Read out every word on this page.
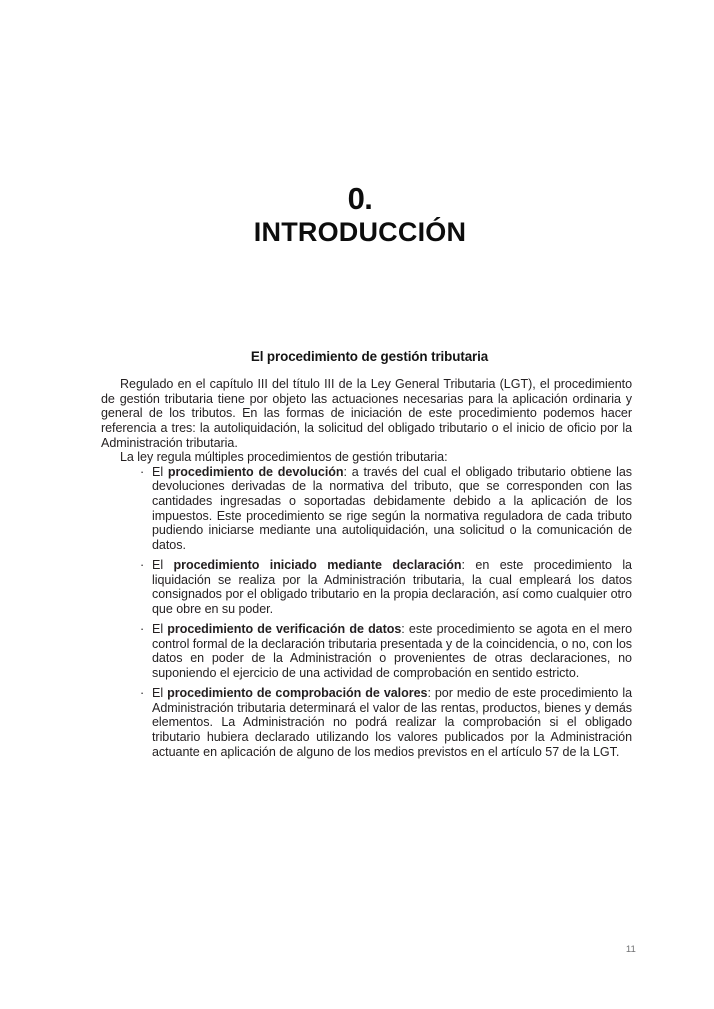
0.
INTRODUCCIÓN
El procedimiento de gestión tributaria

Regulado en el capítulo III del título III de la Ley General Tributaria (LGT), el procedimiento de gestión tributaria tiene por objeto las actuaciones necesarias para la aplicación ordinaria y general de los tributos. En las formas de iniciación de este procedimiento podemos hacer referencia a tres: la autoliquidación, la solicitud del obligado tributario o el inicio de oficio por la Administración tributaria.

La ley regula múltiples procedimientos de gestión tributaria:

· El procedimiento de devolución: a través del cual el obligado tributario obtiene las devoluciones derivadas de la normativa del tributo, que se corresponden con las cantidades ingresadas o soportadas debidamente debido a la aplicación de los impuestos. Este procedimiento se rige según la normativa reguladora de cada tributo pudiendo iniciarse mediante una autoliquidación, una solicitud o la comunicación de datos.
· El procedimiento iniciado mediante declaración: en este procedimiento la liquidación se realiza por la Administración tributaria, la cual empleará los datos consignados por el obligado tributario en la propia declaración, así como cualquier otro que obre en su poder.
· El procedimiento de verificación de datos: este procedimiento se agota en el mero control formal de la declaración tributaria presentada y de la coincidencia, o no, con los datos en poder de la Administración o provenientes de otras declaraciones, no suponiendo el ejercicio de una actividad de comprobación en sentido estricto.
· El procedimiento de comprobación de valores: por medio de este procedimiento la Administración tributaria determinará el valor de las rentas, productos, bienes y demás elementos. La Administración no podrá realizar la comprobación si el obligado tributario hubiera declarado utilizando los valores publicados por la Administración actuante en aplicación de alguno de los medios previstos en el artículo 57 de la LGT.
11
